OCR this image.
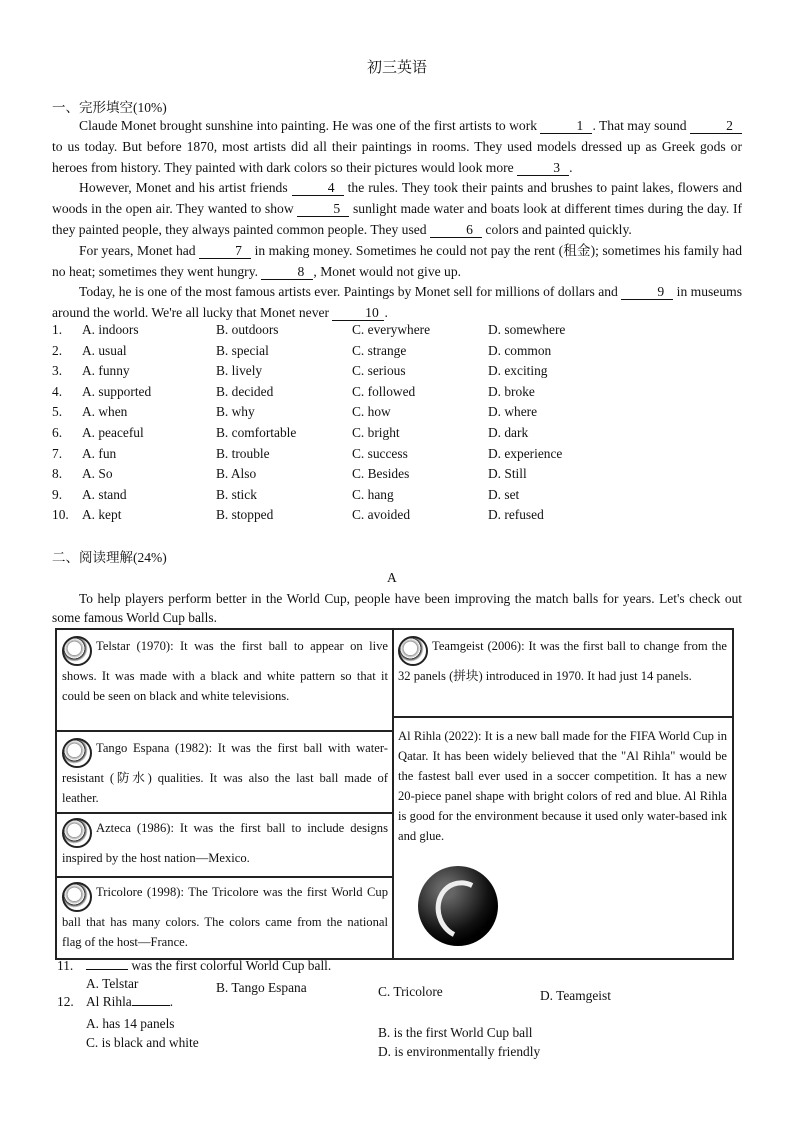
初三英语
一、完形填空(10%)

Claude Monet brought sunshine into painting. He was one of the first artists to work	1 . That may sound	2 to us today. But before 1870, most artists did all their paintings in rooms. They used models dressed up as Greek gods or heroes from history. They painted with dark colors so their pictures would look more	3 .

However, Monet and his artist friends	4 the rules. They took their paints and brushes to paint lakes, flowers and woods in the open air. They wanted to show	5 sunlight made water and boats look at different times during the day. If they painted people, they always painted common people. They used	6 colors and painted quickly.

For years, Monet had	7 in making money. Sometimes he could not pay the rent (租金); sometimes his family had no heat; sometimes they went hungry.	8 , Monet would not give up.

Today, he is one of the most famous artists ever. Paintings by Monet sell for millions of dollars and	9 in museums around the world. We're all lucky that Monet never 10 .

1. A. indoors	B. outdoors	C. everywhere	D. somewhere
2. A. usual	B. special	C. strange	D. common
3. A. funny	B. lively	C. serious	D. exciting
4. A. supported	B. decided	C. followed	D. broke
5. A. when	B. why	C. how	D. where
6. A. peaceful	B. comfortable	C. bright	D. dark
7. A. fun	B. trouble	C. success	D. experience
8. A. So	B. Also	C. Besides	D. Still
9. A. stand	B. stick	C. hang	D. set
10. A. kept	B. stopped	C. avoided	D. refused
二、阅读理解(24%)
A

To help players perform better in the World Cup, people have been improving the match balls for years. Let's check out some famous World Cup balls.

Telstar (1970): It was the first ball to appear on live shows. It was made with a black and white pattern so that it could be seen on black and white televisions.
Tango Espana (1982): It was the first ball with water-resistant (防水) qualities. It was also the last ball made of leather.
Azteca (1986): It was the first ball to include designs inspired by the host nation—Mexico.
Tricolore (1998): The Tricolore was the first World Cup ball that has many colors. The colors came from the national flag of the host—France.
Teamgeist (2006): It was the first ball to change from the 32 panels (拼块) introduced in 1970. It had just 14 panels.
Al Rihla (2022): It is a new ball made for the FIFA World Cup in Qatar. It has been widely believed that the "Al Rihla" would be the fastest ball ever used in a soccer competition. It has a new 20-piece panel shape with bright colors of red and blue. Al Rihla is good for the environment because it used only water-based ink and glue.
11.	was the first colorful World Cup ball.
A. Telstar	B. Tango Espana	C. Tricolore	D. Teamgeist
12. Al Rihla	.
A. has 14 panels
B. is the first World Cup ball
C. is black and white
D. is environmentally friendly
